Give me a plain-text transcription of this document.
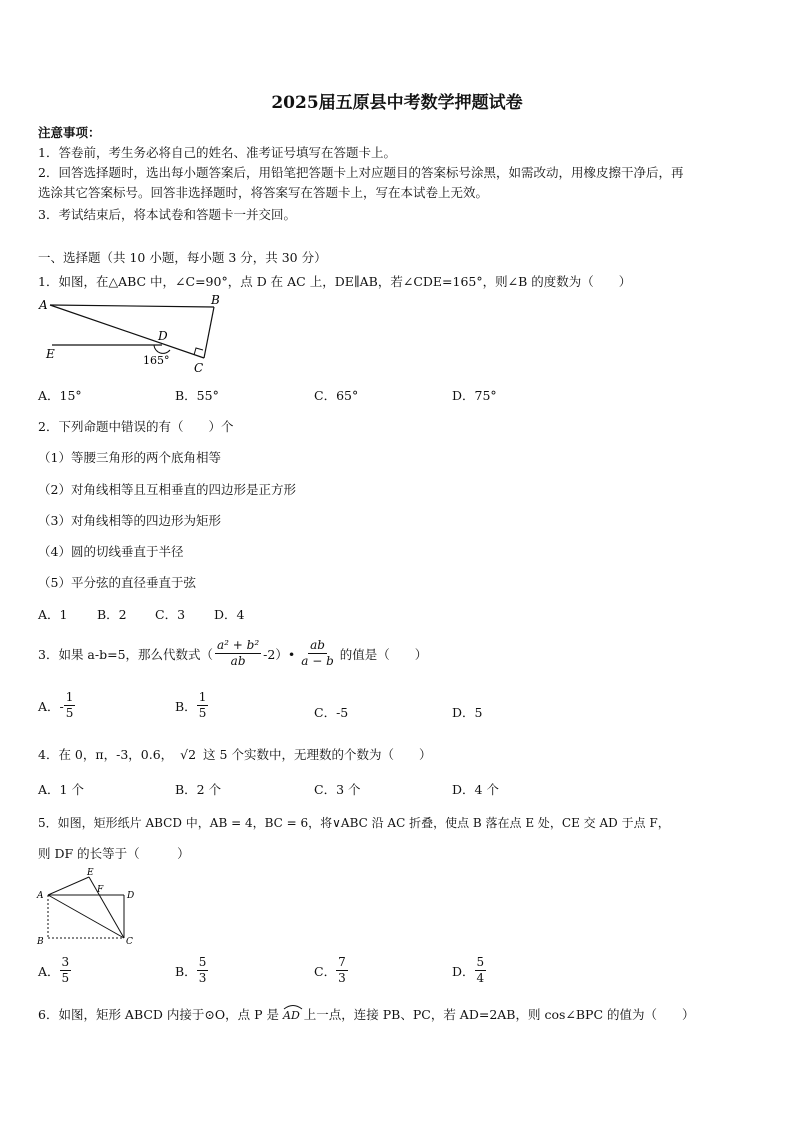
2025届五原县中考数学押题试卷
注意事项：
1．答卷前，考生务必将自己的姓名、准考证号填写在答题卡上。
2．回答选择题时，选出每小题答案后，用铅笔把答题卡上对应题目的答案标号涂黑，如需改动，用橡皮擦干净后，再
选涂其它答案标号。回答非选择题时，将答案写在答题卡上，写在本试卷上无效。
3．考试结束后，将本试卷和答题卡一并交回。
一、选择题（共 10 小题，每小题 3 分，共 30 分）
1．如图，在△ABC 中，∠C=90°，点 D 在 AC 上，DE∥AB，若∠CDE=165°，则∠B 的度数为（　　）
A	B
C
D
E	165°
A．15°	B．55°	C．65°	D．75°
2．下列命题中错误的有（　　）个
（1）等腰三角形的两个底角相等
（2）对角线相等且互相垂直的四边形是正方形
（3）对角线相等的四边形为矩形
（4）圆的切线垂直于半径
（5）平分弦的直径垂直于弦
A．1 B．2 C．3 D．4
3．如果 a-b=5，那么代数式（ $\frac{\text{a² + b²}}{ab}$ -2）• $\frac{ab}{a - b}$ 的值是（　　）
A．- $\frac{1}{5}$	B． $\frac{1}{5}$	C．-5	D．5
4．在 0，π，-3，0.6， √2 这 5 个实数中，无理数的个数为（　　）
A．1 个	B．2 个	C．3 个	D．4 个
5．如图，矩形纸片 ABCD 中，AB = 4，BC = 6，将∨ABC 沿 AC 折叠，使点 B 落在点 E 处，CE 交 AD 于点 F，
则 DF 的长等于（　　　）
A
B	C
D
E
F
A． $\frac{3}{5}$	B． $\frac{5}{3}$	C． $\frac{7}{3}$	D． $\frac{5}{4}$
6．如图，矩形 ABCD 内接于⊙O，点 P 是 AD 上一点，连接 PB、PC，若 AD=2AB，则 cos∠BPC 的值为（　　）
